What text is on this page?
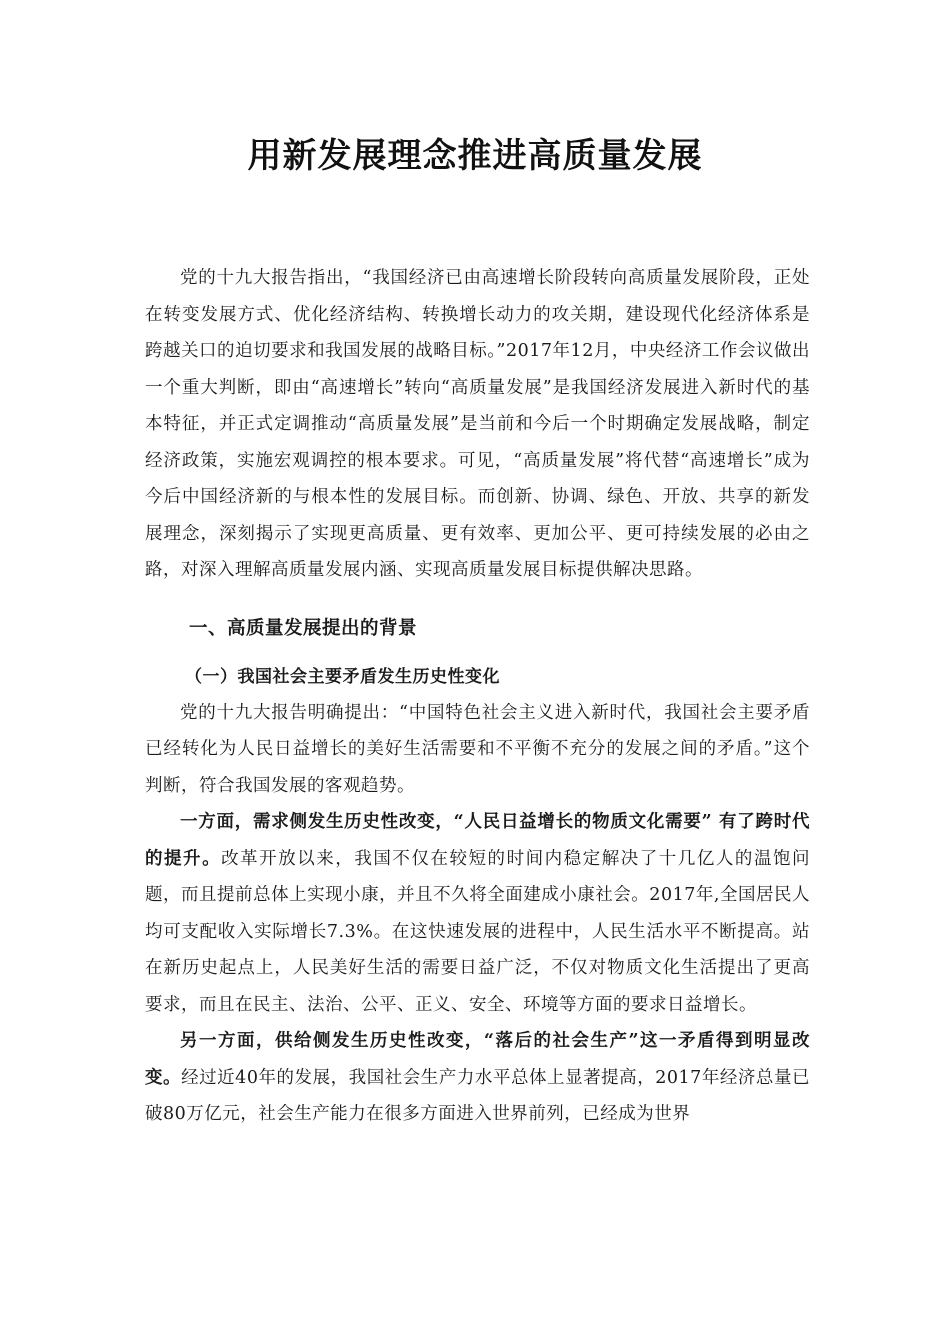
用新发展理念推进高质量发展

党的十九大报告指出，“我国经济已由高速增长阶段转向高质量发展阶段，正处在转变发展方式、优化经济结构、转换增长动力的攻关期，建设现代化经济体系是跨越关口的迫切要求和我国发展的战略目标。”2017年12月，中央经济工作会议做出一个重大判断，即由“高速增长”转向“高质量发展”是我国经济发展进入新时代的基本特征，并正式定调推动“高质量发展”是当前和今后一个时期确定发展战略，制定经济政策，实施宏观调控的根本要求。可见，“高质量发展”将代替“高速增长”成为今后中国经济新的与根本性的发展目标。而创新、协调、绿色、开放、共享的新发展理念，深刻揭示了实现更高质量、更有效率、更加公平、更可持续发展的必由之路，对深入理解高质量发展内涵、实现高质量发展目标提供解决思路。

一、高质量发展提出的背景
（一）我国社会主要矛盾发生历史性变化

党的十九大报告明确提出：“中国特色社会主义进入新时代，我国社会主要矛盾已经转化为人民日益增长的美好生活需要和不平衡不充分的发展之间的矛盾。”这个判断，符合我国发展的客观趋势。

一方面，需求侧发生历史性改变，“人民日益增长的物质文化需要” 有了跨时代的提升。改革开放以来，我国不仅在较短的时间内稳定解决了十几亿人的温饱问题，而且提前总体上实现小康，并且不久将全面建成小康社会。2017年,全国居民人均可支配收入实际增长7.3%。在这快速发展的进程中，人民生活水平不断提高。站在新历史起点上，人民美好生活的需要日益广泛，不仅对物质文化生活提出了更高要求，而且在民主、法治、公平、正义、安全、环境等方面的要求日益增长。

另一方面，供给侧发生历史性改变，“落后的社会生产”这一矛盾得到明显改变。经过近40年的发展，我国社会生产力水平总体上显著提高，2017年经济总量已破80万亿元，社会生产能力在很多方面进入世界前列，已经成为世界
